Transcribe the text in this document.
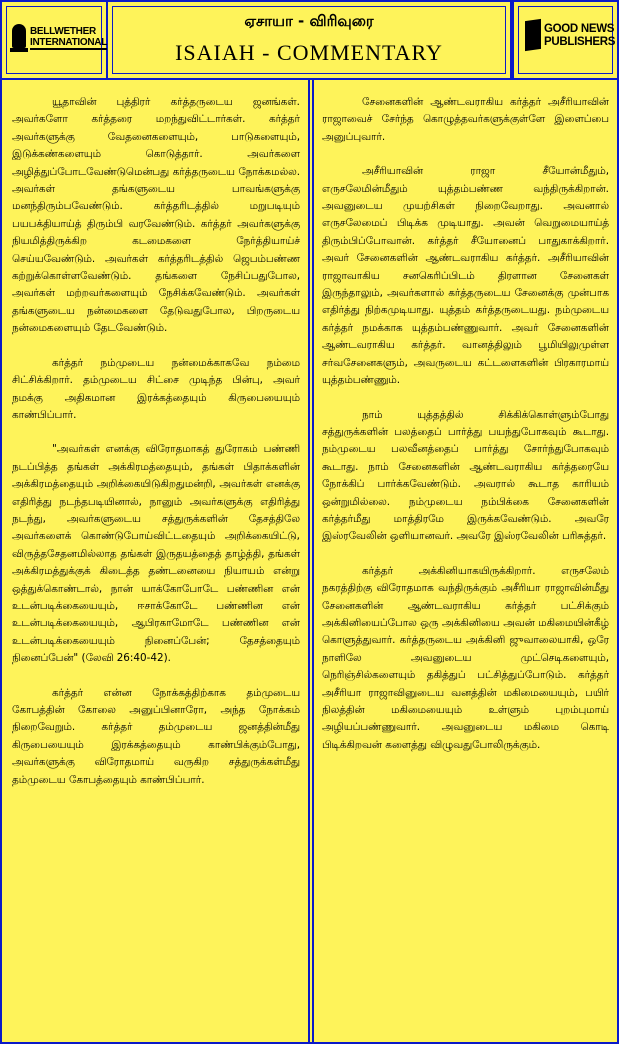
BELLWETHER
INTERNATIONAL
ஏசாயா - விரிவுரை
ISAIAH - COMMENTARY
GOOD NEWS
PUBLISHERS

யூதாவின் புத்திரர் கர்த்தருடைய ஜனங்கள். அவர்களோ கர்த்தரை மறந்துவிட்டார்கள். கர்த்தர் அவர்களுக்கு வேதனைகளையும், பாடுகளையும், இடுக்கண்களையும் கொடுத்தார். அவர்களை அழித்துப்போடவேண்டுமென்பது கர்த்தருடைய நோக்கமல்ல. அவர்கள் தங்களுடைய பாவங்களுக்கு மனந்திரும்பவேண்டும். கர்த்தரிடத்தில் மறுபடியும் பயபக்தியாய்த் திரும்பி வரவேண்டும். கர்த்தர் அவர்களுக்கு நியமித்திருக்கிற கடமைகளை நேர்த்தியாய்ச் செய்யவேண்டும். அவர்கள் கர்த்தரிடத்தில் ஜெபம்பண்ண கற்றுக்கொள்ளவேண்டும். தங்களை நேசிப்பதுபோல, அவர்கள் மற்றவர்களையும் நேசிக்கவேண்டும். அவர்கள் தங்களுடைய நன்மைகளை தேடுவதுபோல, பிறருடைய நன்மைகளையும் தேடவேண்டும்.

கர்த்தர் நம்முடைய நன்மைக்காகவே நம்மை சிட்சிக்கிறார். தம்முடைய சிட்சை முடிந்த பின்பு, அவர் நமக்கு அதிகமான இரக்கத்தையும் கிருபையையும் காண்பிப்பார்.

"அவர்கள் எனக்கு விரோதமாகத் துரோகம் பண்ணி நடப்பித்த தங்கள் அக்கிரமத்தையும், தங்கள் பிதாக்களின் அக்கிரமத்தையும் அறிக்கையிடுகிறதுமன்றி, அவர்கள் எனக்கு எதிரித்து நடந்தபடியினால், நானும் அவர்களுக்கு எதிரித்து நடந்து, அவர்களுடைய சத்துருக்களின் தேசத்திலே அவர்களைக் கொண்டுபோய்விட்டதையும் அறிக்கையிட்டு, விருத்தசேதனமில்லாத தங்கள் இருதயத்தைத் தாழ்த்தி, தங்கள் அக்கிரமத்துக்குக் கிடைத்த தண்டனையை நியாயம் என்று ஒத்துக்கொண்டால், நான் யாக்கோபோடே பண்ணின என் உடன்படிக்கையையும், ஈசாக்கோடே பண்ணின என் உடன்படிக்கையையும், ஆபிரகாமோடே பண்ணின என் உடன்படிக்கையையும் நினைப்பேன்; தேசத்தையும் நினைப்பேன்" (லேவி 26:40-42).

கர்த்தர் என்ன நோக்கத்திற்காக தம்முடைய கோபத்தின் கோலை அனுப்பினாரோ, அந்த நோக்கம் நிறைவேறும். கர்த்தர் தம்முடைய ஜனத்தின்மீது கிருபையையும் இரக்கத்தையும் காண்பிக்கும்போது, அவர்களுக்கு விரோதமாய் வருகிற சத்துருக்கள்மீது தம்முடைய கோபத்தையும் காண்பிப்பார்.

சேனைகளின் ஆண்டவராகிய கர்த்தர் அசீரியாவின் ராஜாவைச் சேர்ந்த கொழுத்தவர்களுக்குள்ளே இளைப்பை அனுப்புவார்.

அசீரியாவின் ராஜா சீயோன்மீதும், எருசலேமின்மீதும் யுத்தம்பண்ண வந்திருக்கிறான். அவனுடைய முயற்சிகள் நிறைவேறாது. அவனால் எருசலேமைப் பிடிக்க முடியாது. அவன் வெறுமையாய்த் திரும்பிப்போவான். கர்த்தர் சீயோனைப் பாதுகாக்கிறார். அவர் சேனைகளின் ஆண்டவராகிய கர்த்தர். அசீரியாவின் ராஜாவாகிய சனகெரிப்பிடம் திரளான சேனைகள் இருந்தாலும், அவர்களால் கர்த்தருடைய சேனைக்கு முன்பாக எதிர்த்து நிற்கமுடியாது. யுத்தம் கர்த்தருடையது. நம்முடைய கர்த்தர் நமக்காக யுத்தம்பண்ணுவார். அவர் சேனைகளின் ஆண்டவராகிய கர்த்தர். வானத்திலும் பூமியிலுமுள்ள சர்வசேனைகளும், அவருடைய கட்டளைகளின் பிரகாரமாய் யுத்தம்பண்ணும்.

நாம் யுத்தத்தில் சிக்கிக்கொள்ளும்போது சத்துருக்களின் பலத்தைப் பார்த்து பயந்துபோகவும் கூடாது. நம்முடைய பலவீனத்தைப் பார்த்து சோர்ந்துபோகவும் கூடாது. நாம் சேனைகளின் ஆண்டவராகிய கர்த்தரையே நோக்கிப் பார்க்கவேண்டும். அவரால் கூடாத காரியம் ஒன்றுமில்லை. நம்முடைய நம்பிக்கை சேனைகளின் கர்த்தர்மீது மாத்திரமே இருக்கவேண்டும். அவரே இஸ்ரவேலின் ஒளியானவர். அவரே இஸ்ரவேலின் பரிசுத்தர்.

கர்த்தர் அக்கினியாகயிருக்கிறார். எருசலேம் நகரத்திற்கு விரோதமாக வந்திருக்கும் அசீரியா ராஜாவின்மீது சேனைகளின் ஆண்டவராகிய கர்த்தர் பட்சிக்கும் அக்கினியைப்போல ஒரு அக்கினியை அவன் மகிமையின்கீழ் கொளுத்துவார். கர்த்தருடைய அக்கினி ஜுவாலையாகி, ஒரே நாளிலே அவனுடைய முட்செடிகளையும், நெரிஞ்சில்களையும் தகித்துப் பட்சித்துப்போடும். கர்த்தர் அசீரியா ராஜாவினுடைய வனத்தின் மகிமையையும், பயிர் நிலத்தின் மகிமையையும் உள்ளும் புறம்புமாய் அழியப்பண்ணுவார். அவனுடைய மகிமை கொடி பிடிக்கிறவன் களைத்து விழுவதுபோலிருக்கும்.
